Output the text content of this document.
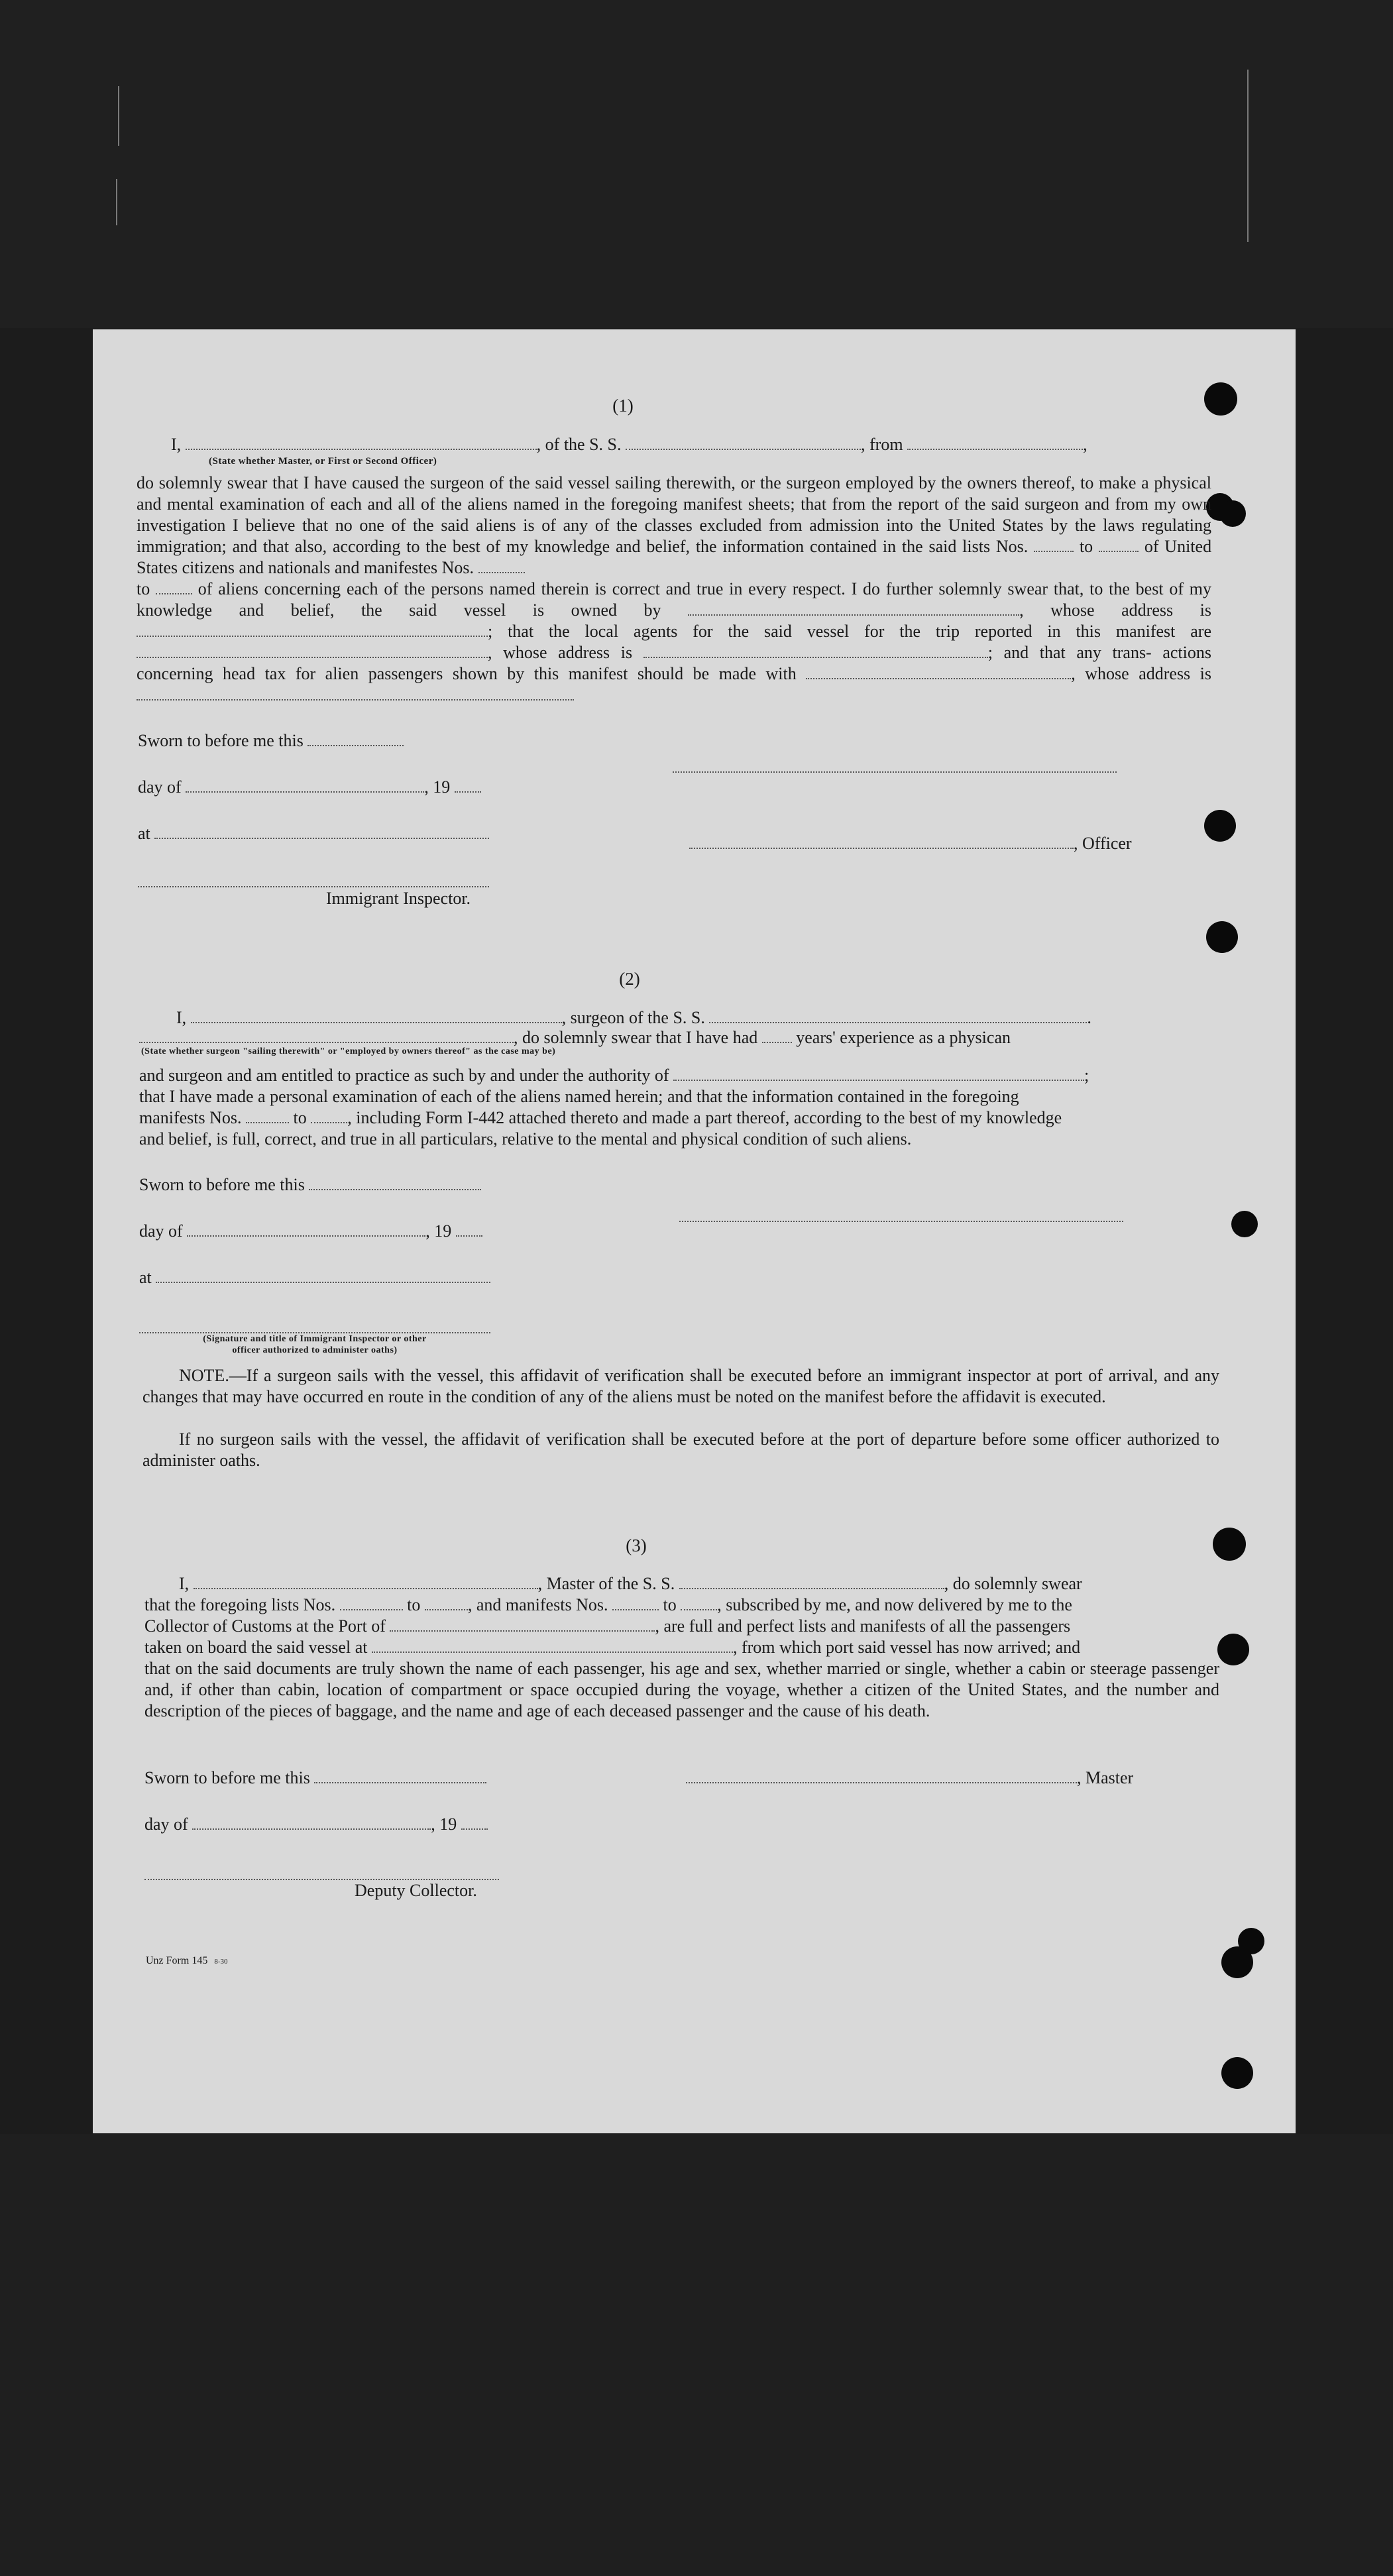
(1)
I,	, of the S. S.	, from	,
(State whether Master, or First or Second Officer)
do solemnly swear that I have caused the surgeon of the said vessel sailing therewith, or the surgeon employed by the owners thereof, to make a physical and mental examination of each and all of the aliens named in the foregoing manifest sheets; that from the report of the said surgeon and from my own investigation I believe that no one of the said aliens is of any of the classes excluded from admission into the United States by the laws regulating immigration; and that also, according to the best of my knowledge and belief, the information contained in the said lists Nos.	to	of United States citizens and nationals and manifestes Nos.
to	of aliens concerning each of the persons named therein is correct and true in every respect. I do further solemnly swear that, to the best of my knowledge and belief, the said vessel is owned by	, whose address is ; that the local agents for the said vessel for the trip reported in this manifest are , whose address is	; and that any trans- actions concerning head tax for alien passengers shown by this manifest should be made with	, whose address is
Sworn to before me this
day of	, 19
at
, Officer
Immigrant Inspector.
(2)
I,	, surgeon of the S. S.	.
, do solemnly swear that I have had years' experience as a physican
(State whether surgeon "sailing therewith" or "employed by owners thereof" as the case may be)
and surgeon and am entitled to practice as such by and under the authority of	;
that I have made a personal examination of each of the aliens named herein; and that the information contained in the foregoing
manifests Nos.	to , including Form I-442 attached thereto and made a part thereof, according to the best of my knowledge
and belief, is full, correct, and true in all particulars, relative to the mental and physical condition of such aliens.
Sworn to before me this
day of	, 19
at
(Signature and title of Immigrant Inspector or other
officer authorized to administer oaths)
NOTE.—If a surgeon sails with the vessel, this affidavit of verification shall be executed before an immigrant inspector at port of arrival, and any changes that may have occurred en route in the condition of any of the aliens must be noted on the manifest before the affidavit is executed.
If no surgeon sails with the vessel, the affidavit of verification shall be executed before at the port of departure before some officer authorized to administer oaths.
(3)
I,	, Master of the S. S.	, do solemnly swear
that the foregoing lists Nos.	to	, and manifests Nos.	to , subscribed by me, and now delivered by me to the
Collector of Customs at the Port of	, are full and perfect lists and manifests of all the passengers
taken on board the said vessel at	, from which port said vessel has now arrived; and
that on the said documents are truly shown the name of each passenger, his age and sex, whether married or single, whether a cabin or steerage passenger and, if other than cabin, location of compartment or space occupied during the voyage, whether a citizen of the United States, and the number and description of the pieces of baggage, and the name and age of each deceased passenger and the cause of his death.
Sworn to before me this	, Master
day of	, 19
Deputy Collector.
Unz Form 145 8-30
